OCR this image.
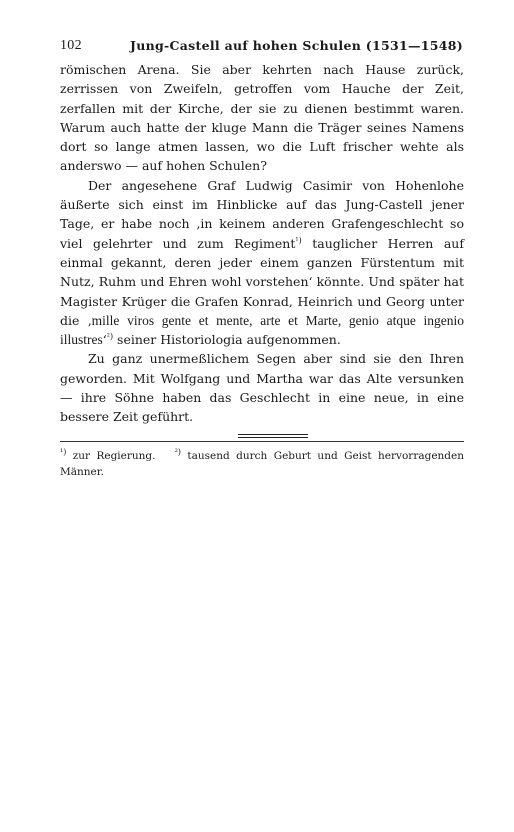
102	Jung-Castell auf hohen Schulen (1531—1548)

römischen Arena. Sie aber kehrten nach Hause zurück, zerrissen von Zweifeln, getroffen vom Hauche der Zeit, zerfallen mit der Kirche, der sie zu dienen bestimmt waren. Warum auch hatte der kluge Mann die Träger seines Namens dort so lange atmen lassen, wo die Luft frischer wehte als anderswo — auf hohen Schulen?

Der angesehene Graf Ludwig Casimir von Hohenlohe äußerte sich einst im Hinblicke auf das Jung-Castell jener Tage, er habe noch ‚in keinem anderen Grafengeschlecht so viel gelehrter und zum Regiment$^{^1)}$ tauglicher Herren auf einmal gekannt, deren jeder einem ganzen Fürstentum mit Nutz, Ruhm und Ehren wohl vorstehen‘ könnte. Und später hat Magister Krüger die Grafen Konrad, Heinrich und Georg unter die ‚mille viros gente et mente, arte et Marte, genio atque ingenio illustres‘$^{^2)}$ seiner Historiologia aufgenommen.

Zu ganz unermeßlichem Segen aber sind sie den Ihren geworden. Mit Wolfgang und Martha war das Alte versunken — ihre Söhne haben das Geschlecht in eine neue, in eine bessere Zeit geführt.

$^{^1)}$ zur Regierung. $^{^2)}$ tausend durch Geburt und Geist hervorragenden Männer.
